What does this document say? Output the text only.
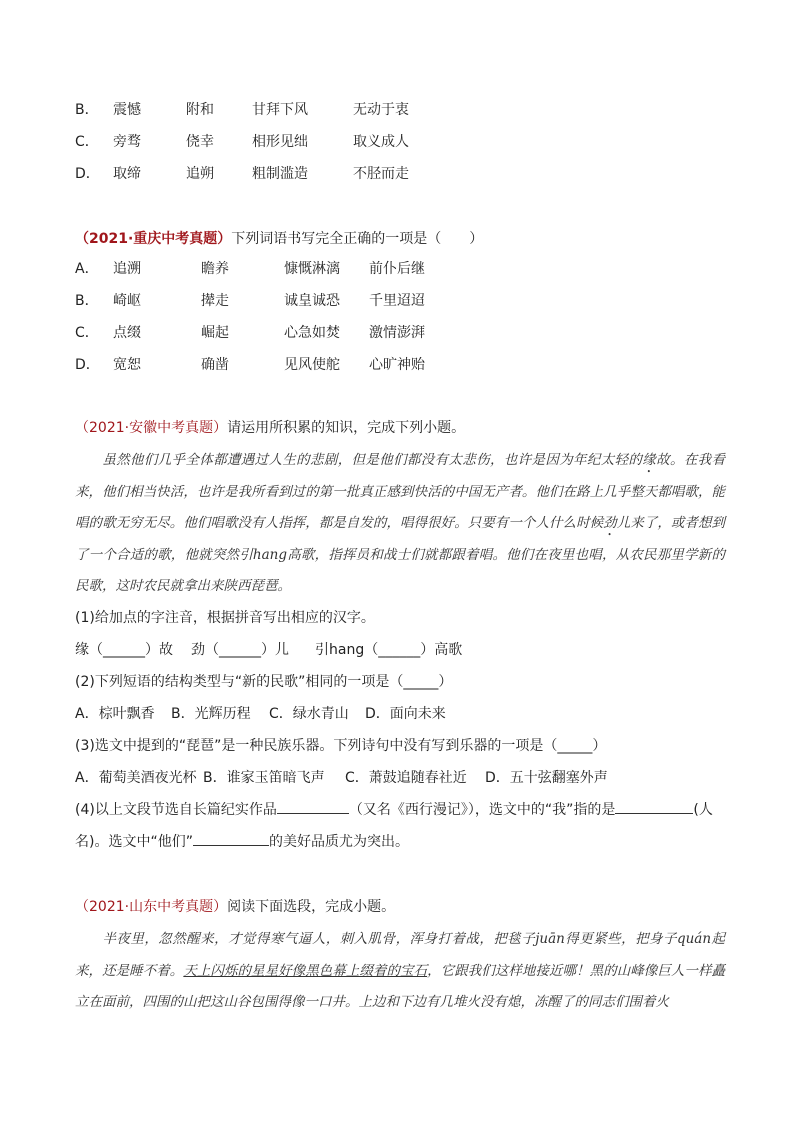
B． 震憾	附和	甘拜下风	无动于衷
C． 旁骛	侥幸	相形见绌	取义成人
D． 取缔	追朔	粗制滥造	不胫而走
（2021·重庆中考真题）下列词语书写完全正确的一项是（　　）
A． 追溯	瞻养	慷慨淋漓 前仆后继
B． 崎岖	撵走	诚皇诚恐 千里迢迢
C． 点缀	崛起	心急如焚 激情澎湃
D． 宽恕	确凿	见风使舵 心旷神贻
（2021·安徽中考真题）请运用所积累的知识，完成下列小题。
虽然他们几乎全体都遭遇过人生的悲剧，但是他们都没有太悲伤，也许是因为年纪太轻的缘故。在我看来，他们相当快活，也许是我所看到过的第一批真正感到快活的中国无产者。他们在路上几乎整天都唱歌，能唱的歌无穷无尽。他们唱歌没有人指挥，都是自发的，唱得很好。只要有一个人什么时候劲儿来了，或者想到了一个合适的歌，他就突然引hang高歌，指挥员和战士们就都跟着唱。他们在夜里也唱，从农民那里学新的民歌，这时农民就拿出来陕西琵琶。
(1)给加点的字注音，根据拼音写出相应的汉字。
缘（______）故 劲（______）儿 引hang（______）高歌
(2)下列短语的结构类型与“新的民歌”相同的一项是（_____）
A．棕叶飘香 B．光辉历程 C．绿水青山 D．面向未来
(3)选文中提到的“琵琶”是一种民族乐器。下列诗句中没有写到乐器的一项是（_____）
A．葡萄美酒夜光杯 B．谁家玉笛暗飞声 C．萧鼓追随春社近 D．五十弦翻塞外声
(4)以上文段节选自长篇纪实作品	（又名《西行漫记》），选文中的“我”指的是	(人
名)。选文中“他们”	的美好品质尤为突出。
（2021·山东中考真题）阅读下面选段，完成小题。
半夜里，忽然醒来，才觉得寒气逼人，刺入肌骨，浑身打着战，把毯子juān得更紧些，把身子quán起来，还是睡不着。天上闪烁的星星好像黑色幕上缀着的宝石，它跟我们这样地接近哪！黑的山峰像巨人一样矗立在面前，四围的山把这山谷包围得像一口井。上边和下边有几堆火没有熄，冻醒了的同志们围着火
